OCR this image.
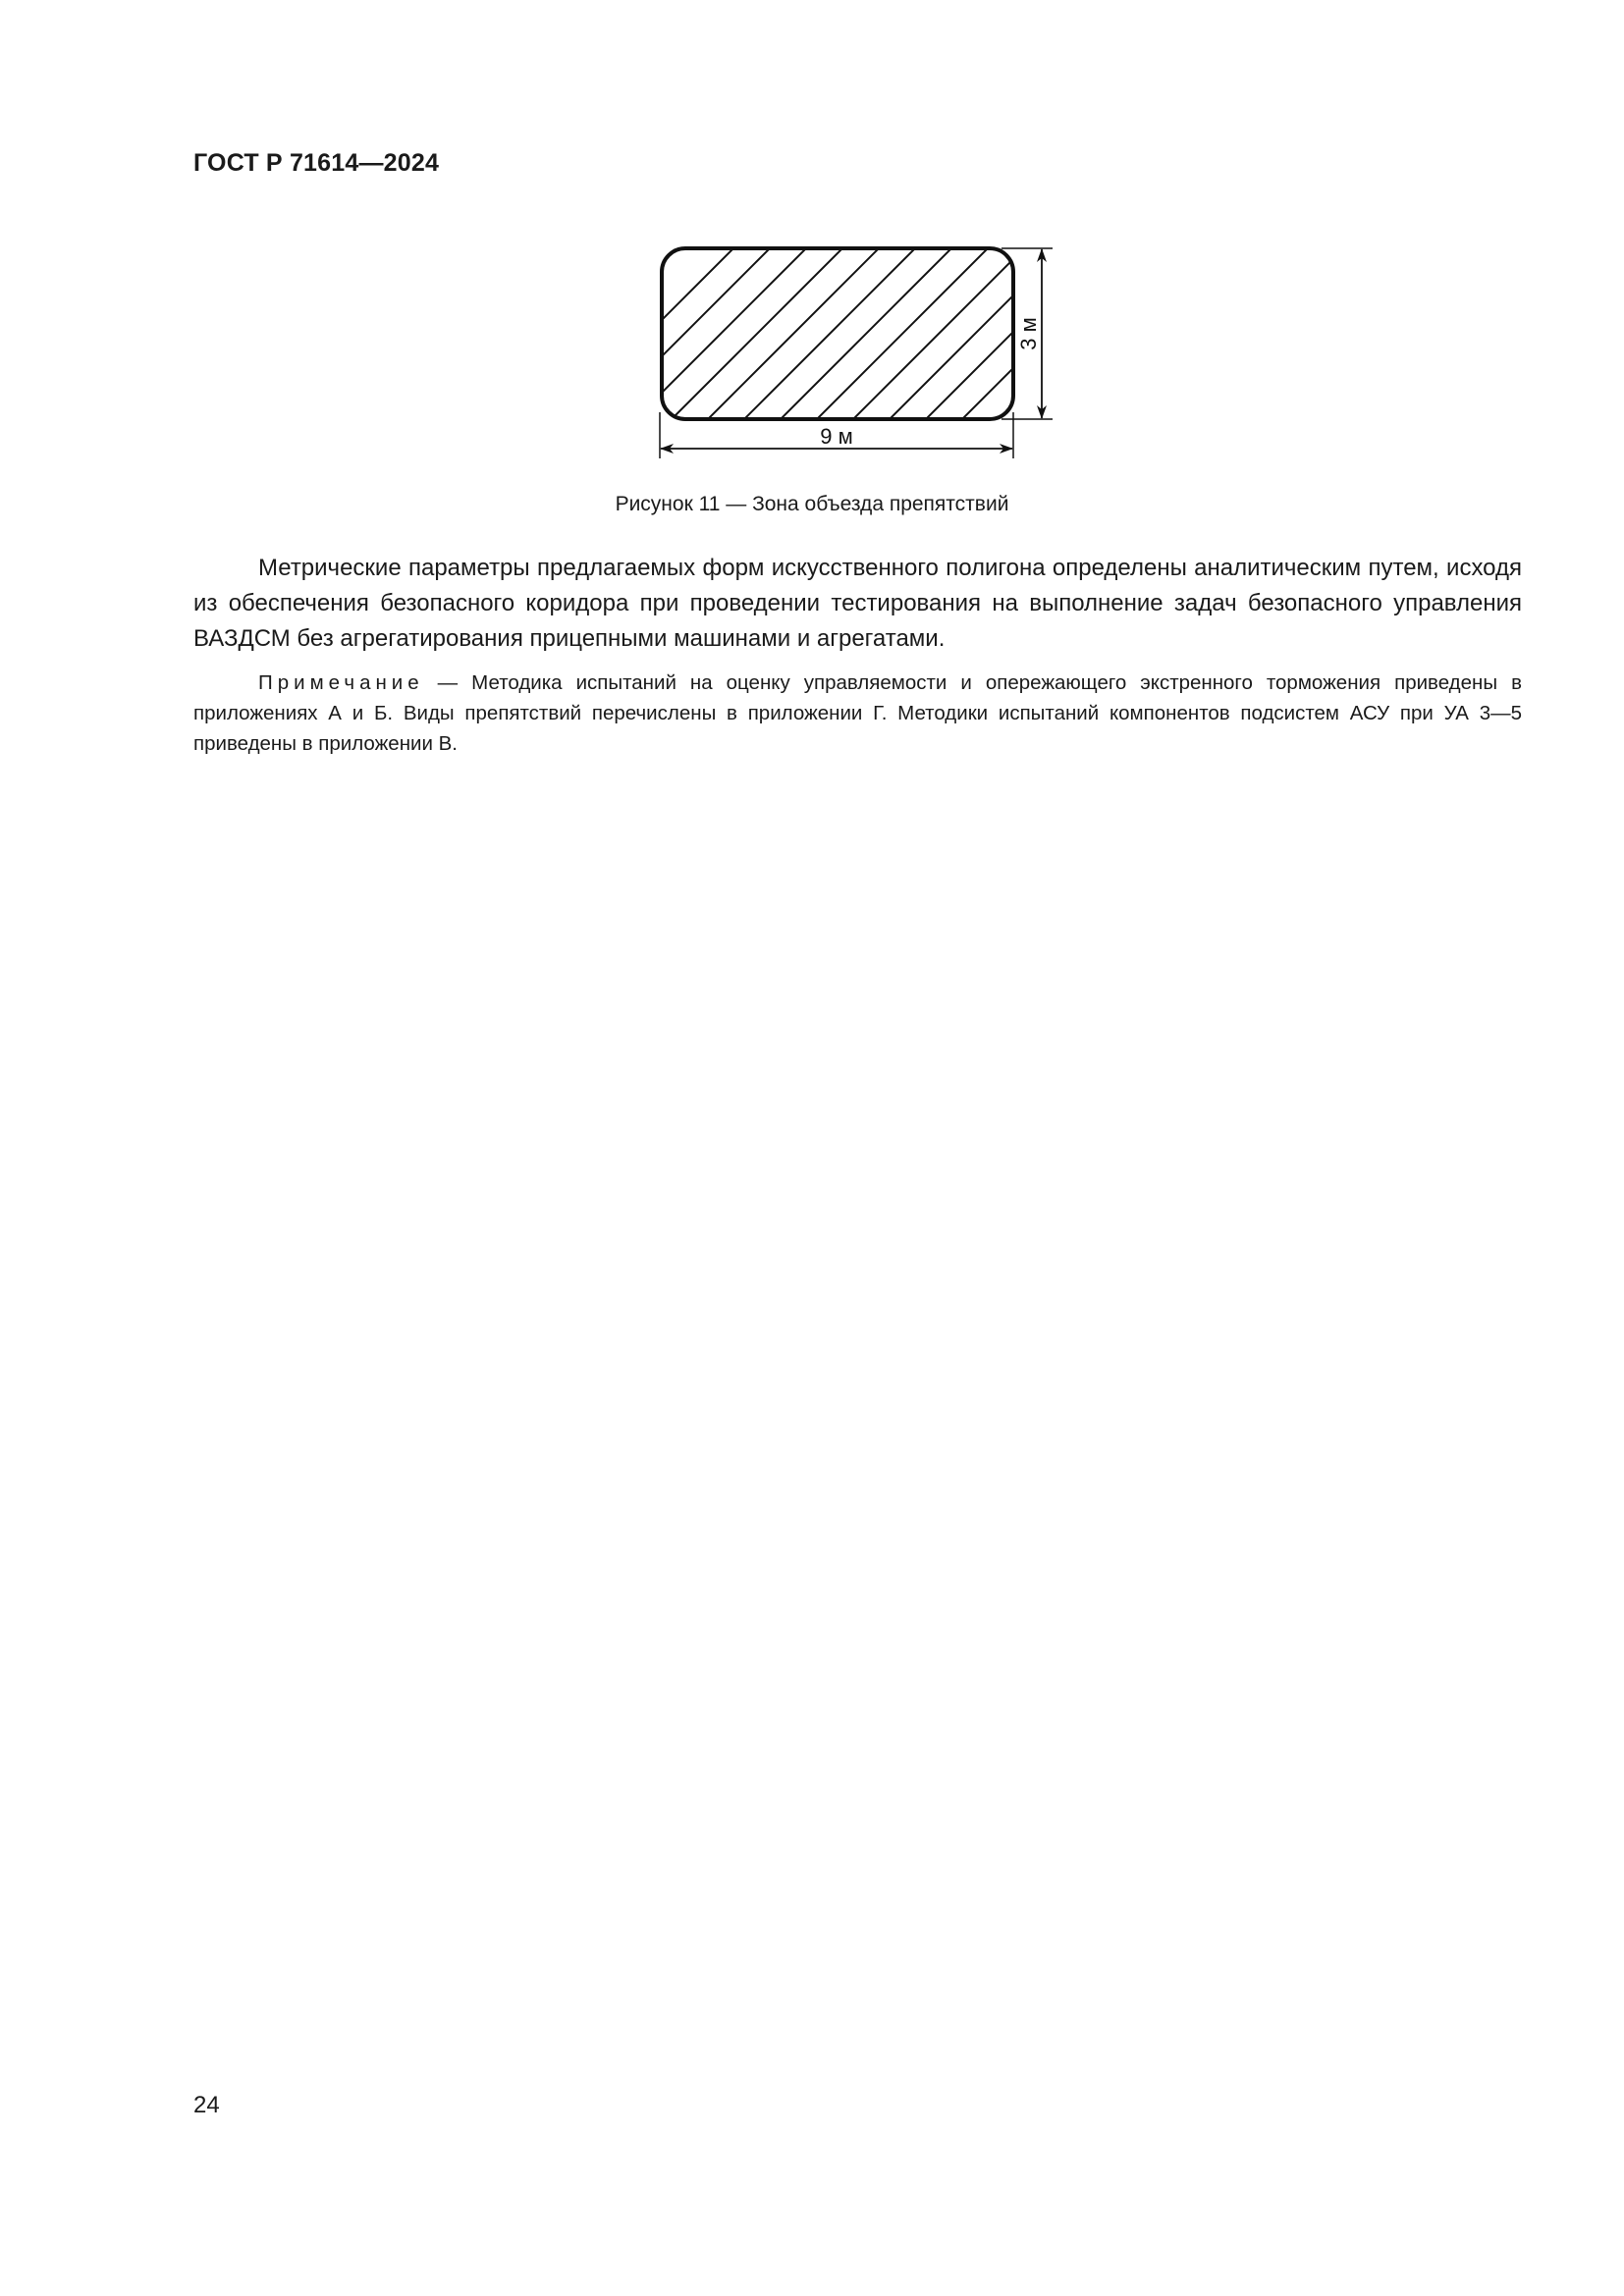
ГОСТ Р 71614—2024
9 м
3 м
Рисунок 11 — Зона объезда препятствий

Метрические параметры предлагаемых форм искусственного полигона определены аналитическим путем, исходя из обеспечения безопасного коридора при проведении тестирования на выполнение задач безопасного управления ВАЗДСМ без агрегатирования прицепными машинами и агрегатами.

Примечание — Методика испытаний на оценку управляемости и опережающего экстренного торможения приведены в приложениях А и Б. Виды препятствий перечислены в приложении Г. Методики испытаний компонентов подсистем АСУ при УА 3—5 приведены в приложении В.

24
